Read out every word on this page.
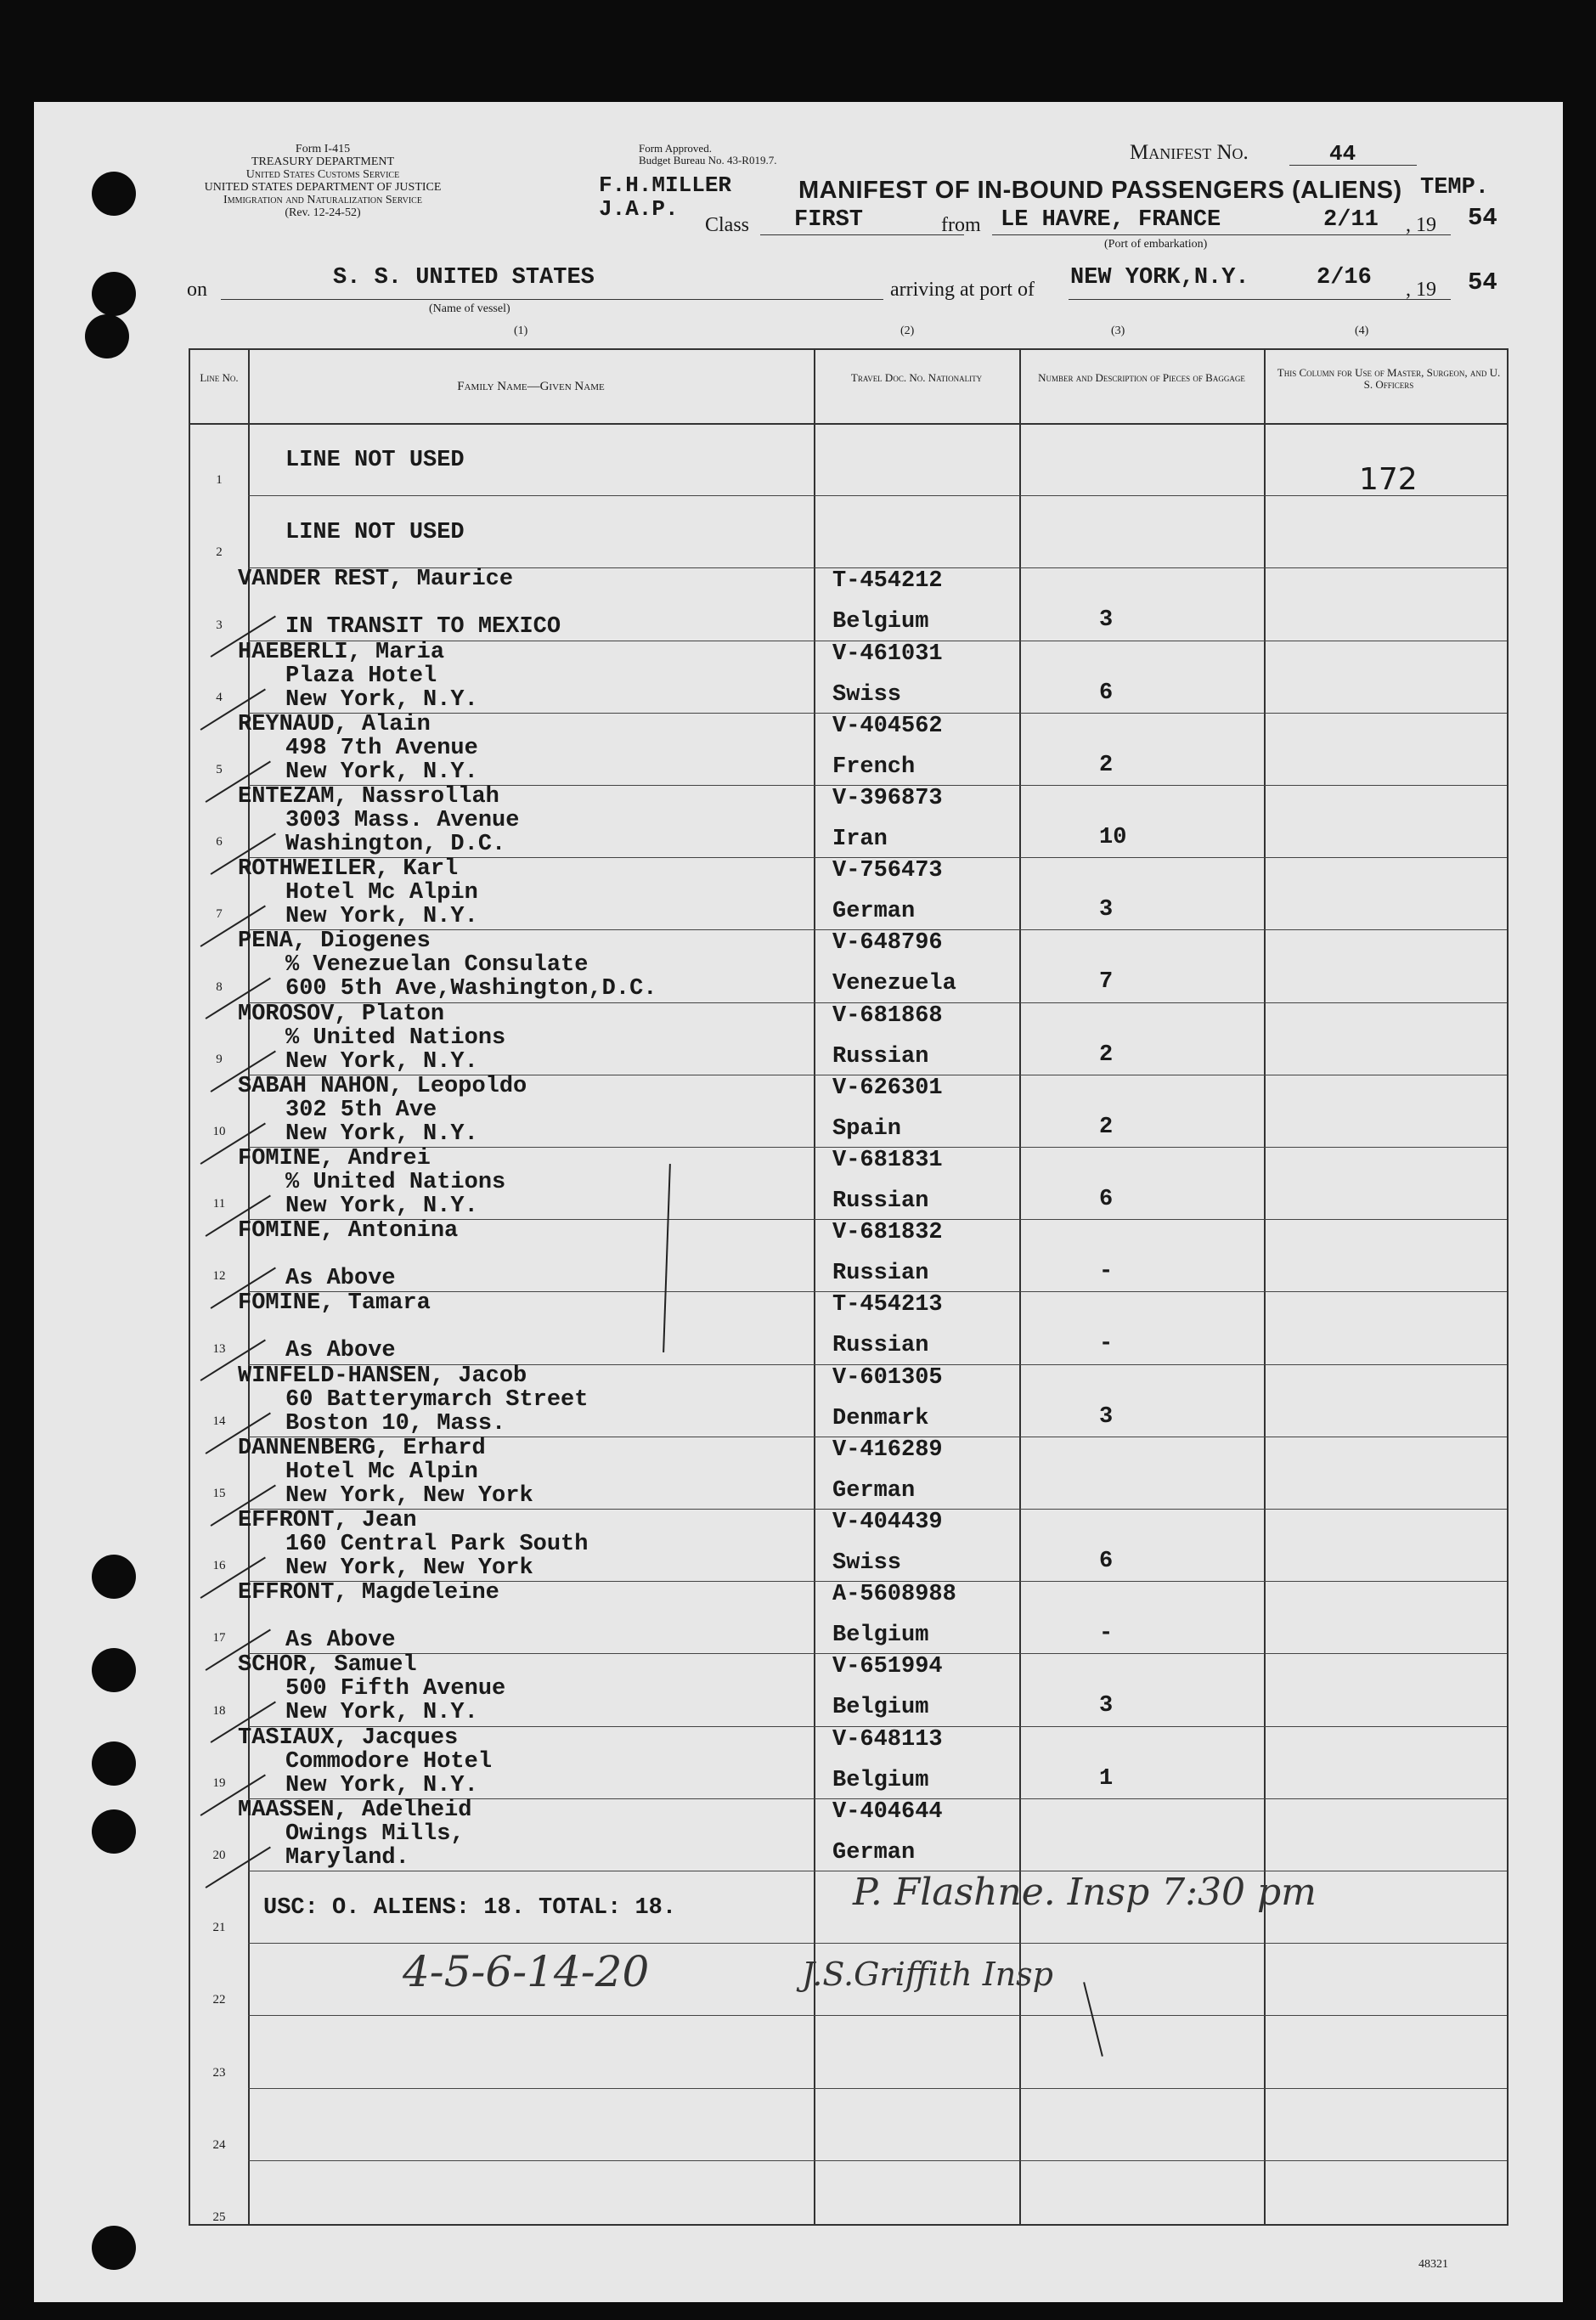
Form I-415
TREASURY DEPARTMENT
United States Customs Service
UNITED STATES DEPARTMENT OF JUSTICE
Immigration and Naturalization Service
(Rev. 12-24-52)
Form Approved.
Budget Bureau No. 43-R019.7.
F.H.MILLER
J.A.P.
MANIFEST OF IN-BOUND PASSENGERS (ALIENS)
Manifest No.	44
TEMP.
Class FIRST	from LE HAVRE, FRANCE	2/11 , 19 54
(Port of embarkation)
on	S. S. UNITED STATES
(Name of vessel)
arriving at port of NEW YORK,N.Y.	2/16 , 19 54
(1)	(2)	(3)	(4)
Line No.
Family Name—Given Name
Travel Doc. No. Nationality	Number and Description of Pieces of Baggage	This Column for Use of Master, Surgeon, and U. S. Officers
172
1
LINE NOT USED
2
LINE NOT USED
3
VANDER REST, Maurice
IN TRANSIT TO MEXICO
T-454212
Belgium	3
4
HAEBERLI, Maria
Plaza Hotel
New York, N.Y.
V-461031
Swiss	6
5
REYNAUD, Alain
498 7th Avenue
New York, N.Y.
V-404562
French	2
6
ENTEZAM, Nassrollah
3003 Mass. Avenue
Washington, D.C.
V-396873
Iran	10
7
ROTHWEILER, Karl
Hotel Mc Alpin
New York, N.Y.
V-756473
German	3
8
PENA, Diogenes
% Venezuelan Consulate
600 5th Ave,Washington,D.C.
V-648796
Venezuela	7
9
MOROSOV, Platon
% United Nations
New York, N.Y.
V-681868
Russian	2
10
SABAH NAHON, Leopoldo
302 5th Ave
New York, N.Y.
V-626301
Spain	2
11
FOMINE, Andrei
% United Nations
New York, N.Y.
V-681831
Russian	6
12
FOMINE, Antonina
As Above
V-681832
Russian	-
13
FOMINE, Tamara
As Above
T-454213
Russian	-
14
WINFELD-HANSEN, Jacob
60 Batterymarch Street
Boston 10, Mass.
V-601305
Denmark	3
15
DANNENBERG, Erhard
Hotel Mc Alpin
New York, New York
V-416289
German
16
EFFRONT, Jean
160 Central Park South
New York, New York
V-404439
Swiss	6
17
EFFRONT, Magdeleine
As Above
A-5608988
Belgium	-
18
SCHOR, Samuel
500 Fifth Avenue
New York, N.Y.
V-651994
Belgium	3
19
TASIAUX, Jacques
Commodore Hotel
New York, N.Y.
V-648113
Belgium	1
20
MAASSEN, Adelheid
Owings Mills,
Maryland.
V-404644
German
21
22
23
24
25
USC: O. ALIENS: 18. TOTAL: 18.	P. Flashne. Insp 7:30 pm
4-5-6-14-20	J.S.Griffith Insp
48321
